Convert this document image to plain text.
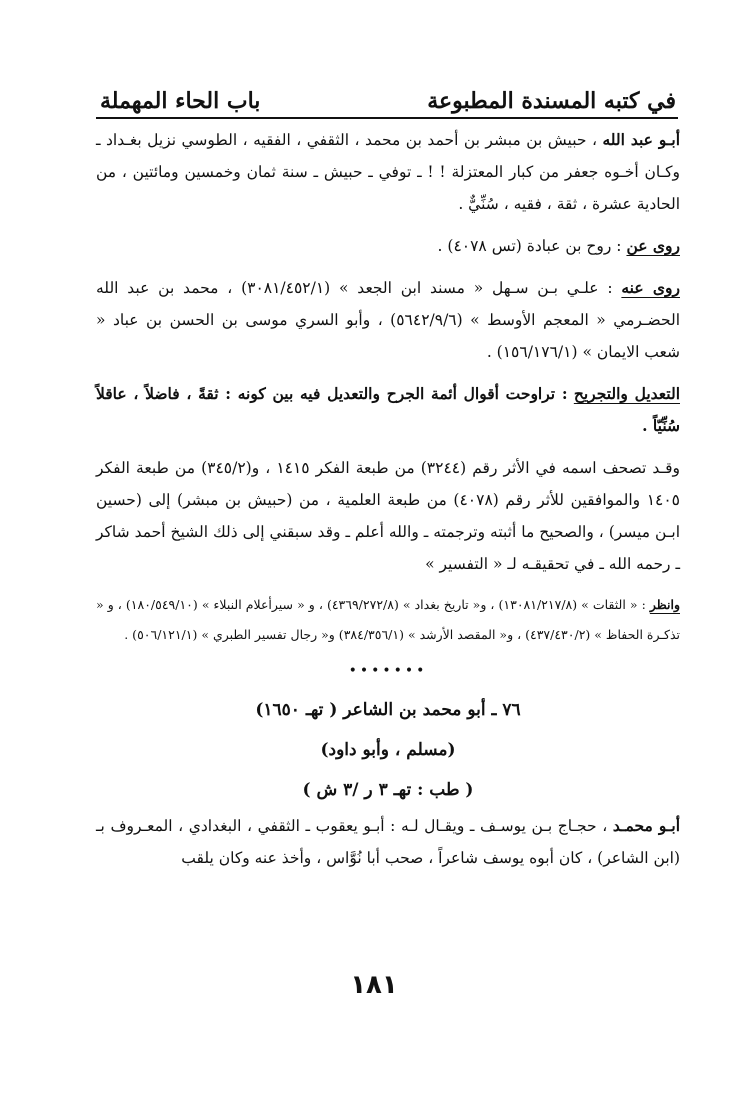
في كتبه المسندة المطبوعة
باب الحاء المهملة

أبـو عبد الله ، حبيش بن مبشر بن أحمد بن محمد ، الثقفي ، الفقيه ، الطوسي نزيل بغـداد ـ وكـان أخـوه جعفر من كبار المعتزلة ! ! ـ توفي ـ حبيش ـ سنة ثمان وخمسين ومائتين ، من الحادية عشرة ، ثقة ، فقيه ، سُنِّيٌّ .

روى عن : روح بن عبادة (تس ٤٠٧٨) .

روى عنه : علـي بـن سـهل « مسند ابن الجعد » (٣٠٨١/٤٥٢/١) ، محمد بن عبد الله الحضـرمي « المعجم الأوسط » (٥٦٤٢/٩/٦) ، وأبو السري موسى بن الحسن بن عباد « شعب الايمان » (١٥٦/١٧٦/١) .

التعديل والتجريح : تراوحت أقوال أئمة الجرح والتعديل فيه بين كونه : ثقةً ، فاضلاً ، عاقلاً سُنِّيّاً .

وقـد تصحف اسمه في الأثر رقم (٣٢٤٤) من طبعة الفكر ١٤١٥ ، و(٣٤٥/٢) من طبعة الفكر ١٤٠٥ والموافقين للأثر رقم (٤٠٧٨) من طبعة العلمية ، من (حبيش بن مبشر) إلى (حسين ابـن ميسر) ، والصحيح ما أثبته وترجمته ـ والله أعلم ـ وقد سبقني إلى ذلك الشيخ أحمد شاكر ـ رحمه الله ـ في تحقيقـه لـ « التفسير »

وانظر : « الثقات » (١٣٠٨١/٢١٧/٨) ، و« تاريخ بغداد » (٤٣٦٩/٢٧٢/٨) ، و « سيرأعلام النبلاء » (١٨٠/٥٤٩/١٠) ، و « تذكـرة الحفاظ » (٤٣٧/٤٣٠/٢) ، و« المقصد الأرشد » (٣٨٤/٣٥٦/١) و« رجال تفسير الطبري » (٥٠٦/١٢١/١) .

•••••••

٧٦ ـ أبو محمد بن الشاعر ( تهـ ١٦٥٠)

(مسلم ، وأبو داود)

( طب : تهـ ٣ ر /٣ ش )

أبـو محمـد ، حجـاج بـن يوسـف ـ ويقـال لـه : أبـو يعقوب ـ الثقفي ، البغدادي ، المعـروف بـ (ابن الشاعر) ، كان أبوه يوسف شاعراً ، صحب أبا نُوَّاس ، وأخذ عنه وكان يلقب

١٨١
